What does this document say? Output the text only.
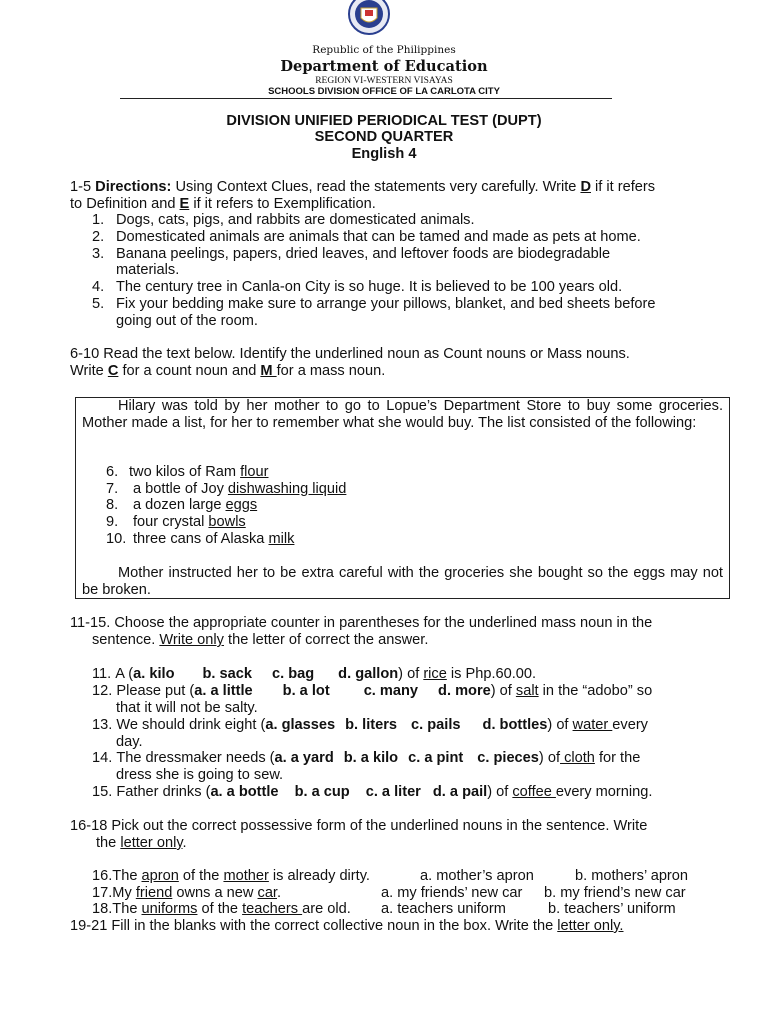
Republic of the Philippines
Department of Education
REGION VI-WESTERN VISAYAS
SCHOOLS DIVISION OFFICE OF LA CARLOTA CITY
DIVISION UNIFIED PERIODICAL TEST (DUPT)
SECOND QUARTER
English 4
1-5 Directions: Using Context Clues, read the statements very carefully. Write D if it refers
to Definition and E if it refers to Exemplification.
1. Dogs, cats, pigs, and rabbits are domesticated animals.
2. Domesticated animals are animals that can be tamed and made as pets at home.
3. Banana peelings, papers, dried leaves, and leftover foods are biodegradable
materials.
4. The century tree in Canla-on City is so huge. It is believed to be 100 years old.
5. Fix your bedding make sure to arrange your pillows, blanket, and bed sheets before
going out of the room.
6-10 Read the text below. Identify the underlined noun as Count nouns or Mass nouns.
Write C for a count noun and M for a mass noun.
Hilary was told by her mother to go to Lopue’s Department Store to buy some groceries. Mother made a list, for her to remember what she would buy. The list consisted of the following:
6. two kilos of Ram flour
7. a bottle of Joy dishwashing liquid
8. a dozen large eggs
9. four crystal bowls
10. three cans of Alaska milk
Mother instructed her to be extra careful with the groceries she bought so the eggs may not be broken.
11-15. Choose the appropriate counter in parentheses for the underlined mass noun in the
sentence. Write only the letter of correct the answer.
11. A (a. kilo b. sack c. bag d. gallon) of rice is Php.60.00.
12. Please put (a. a little b. a lot c. many d. more) of salt in the “adobo” so
that it will not be salty.
13. We should drink eight (a. glasses b. liters c. pails d. bottles) of water every
day.
14. The dressmaker needs (a. a yard b. a kilo c. a pint c. pieces) of cloth for the
dress she is going to sew.
15. Father drinks (a. a bottle b. a cup c. a liter d. a pail) of coffee every morning.
16-18 Pick out the correct possessive form of the underlined nouns in the sentence. Write
the letter only.
16.The apron of the mother is already dirty.	a. mother’s apron	b. mothers’ apron
17.My friend owns a new car.	a. my friends’ new car b. my friend’s new car
18.The uniforms of the teachers are old. a. teachers uniform	b. teachers’ uniform
19-21 Fill in the blanks with the correct collective noun in the box. Write the letter only.
